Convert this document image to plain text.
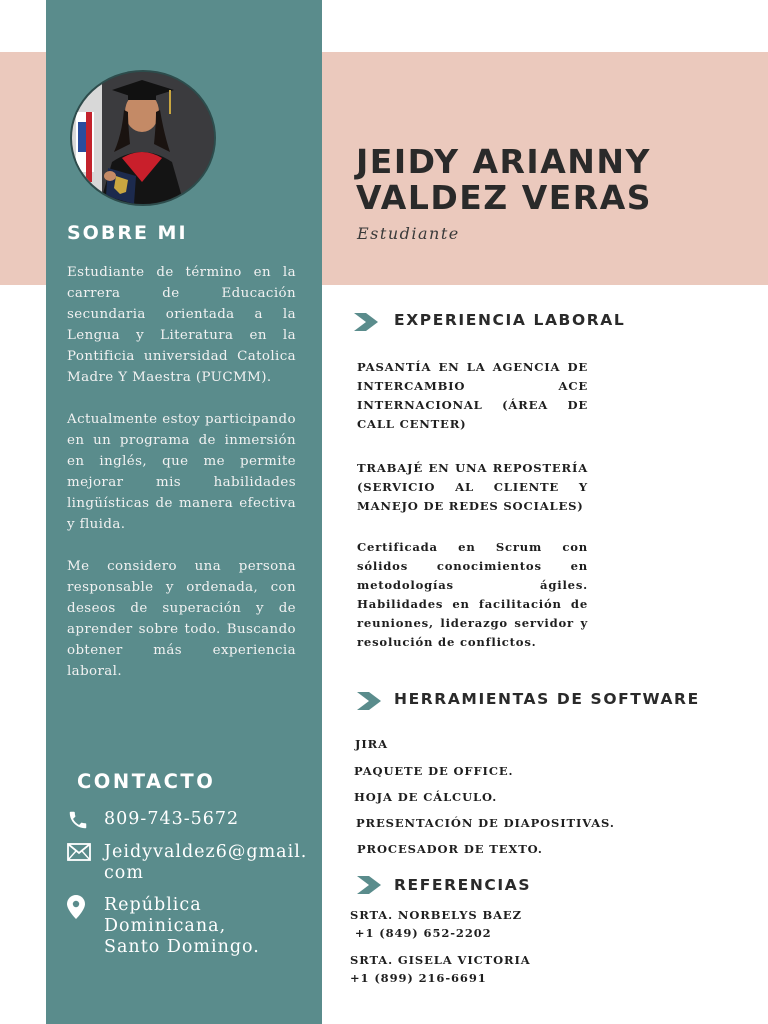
SOBRE MI

Estudiante de término en la carrera de Educación secundaria orientada a la Lengua y Literatura en la Pontificia universidad Catolica Madre Y Maestra (PUCMM).

Actualmente estoy participando en un programa de inmersión en inglés, que me permite mejorar mis habilidades lingüísticas de manera efectiva y fluida.

Me considero una persona responsable y ordenada, con deseos de superación y de aprender sobre todo. Buscando obtener más experiencia laboral.

CONTACTO
809-743-5672
Jeidyvaldez6@gmail.
com
República
Dominicana,
Santo Domingo.
JEIDY ARIANNY
VALDEZ VERAS
Estudiante
EXPERIENCIA LABORAL
PASANTÍA EN LA AGENCIA DE INTERCAMBIO ACE INTERNACIONAL (ÁREA DE CALL CENTER)
TRABAJÉ EN UNA REPOSTERÍA (SERVICIO AL CLIENTE Y MANEJO DE REDES SOCIALES)
Certificada en Scrum con sólidos conocimientos en metodologías ágiles. Habilidades en facilitación de reuniones, liderazgo servidor y resolución de conflictos.
HERRAMIENTAS DE SOFTWARE
JIRA
PAQUETE DE OFFICE.
HOJA DE CÁLCULO.
PRESENTACIÓN DE DIAPOSITIVAS.
PROCESADOR DE TEXTO.
REFERENCIAS
SRTA. NORBELYS BAEZ
+1 (849) 652-2202
SRTA. GISELA VICTORIA
+1 (899) 216-6691
